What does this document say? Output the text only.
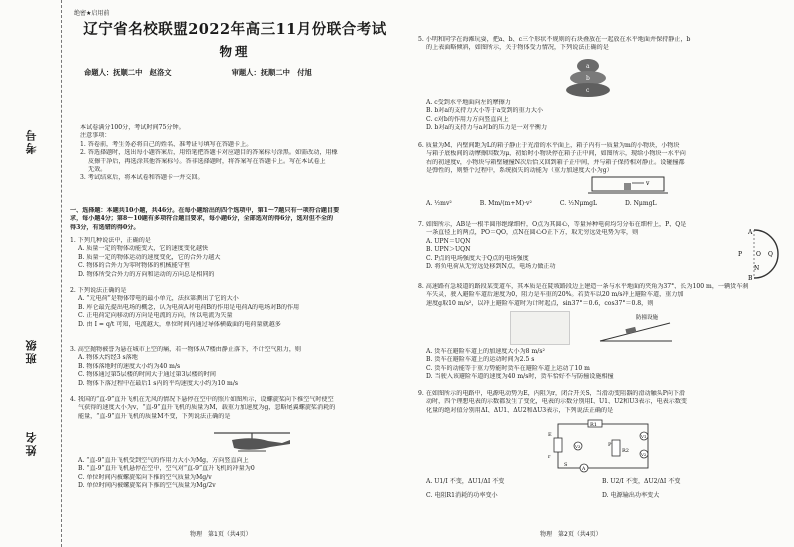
考号
班级
姓名
绝密★启用前
辽宁省名校联盟2022年高三11月份联合考试
物理
命题人：抚顺二中　赵洛文	审题人：抚顺二中　付旭
本试卷满分100分，考试时间75分钟。
注意事项：
1. 答卷前，考生务必将自己的姓名、准考证号填写在答题卡上。
2. 答选择题时，选出每小题答案后，用铅笔把答题卡对应题目的答案标号涂黑。如需改动，用橡
皮擦干净后，再选涂其他答案标号。答非选择题时，将答案写在答题卡上。写在本试卷上
无效。
3. 考试结束后，将本试卷和答题卡一并交回。
一、选择题：本题共10小题，共46分。在每小题给出的四个选项中，第1～7题只有一项符合题目要
求，每小题4分；第8～10题有多项符合题目要求，每小题6分，全部选对的得6分，选对但不全的
得3分，有选错的得0分。
1. 下列几种说法中，正确的是
A. 质量一定的物体动能变大，它的速度变化越快
B. 质量一定的物体运动的速度变化，它的合外力越大
C. 物体的合外力为零时物体的机械能守恒
D. 物体所受合外力的方向和运动的方向总是相同的
2. 下列说法正确的是
A. “元电荷”是物体带电的最小单元，法拉第测出了它的大小
B. 库仑最先提出电场的概念，认为电荷A对电荷B的作用是电荷A的电场对B的作用
C. 正电荷定向移动的方向是电流的方向，所以电流为矢量
D. 由 I = q/t 可知，电流越大，单位时间内通过导体横截面的电荷量就越多
3. 高空抛物被誉为悬在城市上空的痛，若一物体从7楼由静止落下，不计空气阻力，则
A. 物体大约经3 s落地
B. 物体落地时的速度大小约为40 m/s
C. 物体通过第5层楼的时间大于通过第3层楼的时间
D. 物体下落过程中在最后1 s内的平均速度大小约为10 m/s
4. 我国的“直-9”直升飞机在无风的情况下悬停在空中的照片如图所示，设螺旋桨向下推空气时使空
气获得的速度大小为v，“直-9”直升飞机的质量为M，载重力加速度为g，忽略尾翼螺旋桨消耗的
能量，“直-9”直升飞机的质量M不变，下列说法正确的是
A. “直-9”直升飞机受到空气的作用力大小为Mg，方向竖直向上
B. “直-9”直升飞机悬停在空中，空气对“直-9”直升飞机的冲量为0
C. 单位时间内被螺旋桨向下推的空气质量为Mg/v
D. 单位时间内被螺旋桨向下推的空气质量为Mg/2v
物理　第1页（共4页）
5. 小明和同学在海滩玩耍，把a、b、c三个形状不规则的石块叠放在一起放在水平地面并保持静止，b
的上表面略倾斜，如图所示，关于物体受力情况，下列说法正确的是
a
b
c
A. c受到水平地面向左的摩擦力
B. b对a的支持力大小等于a受到的重力大小
C. c对b的作用力方向竖直向上
D. b对a的支持力与a对b的压力是一对平衡力
6. 质量为M、内壁间距为L的箱子静止于光滑的水平面上，箱子内有一质量为m的小物块，小物块
与箱子底板间的动摩擦因数为μ，初始时小物块停在箱子正中间，如图所示，现给小物块一水平向
右的初速度v，小物块与箱壁碰撞N次后恰又回到箱子正中间，并与箱子保持相对静止。设碰撞都
是弹性的，则整个过程中，系统损失的动能为（重力加速度大小为g）
v
A. ½mv²	B. Mm/(m+M)·v²	C. ½NμmgL	D. NμmgL
7. 如图所示，AB是一根半圆形绝缘细杆，O点为其圆心，等量异种电荷均匀分布在细杆上，P、Q是
一条直径上的两点，PO＝QO，点N在圆心O正下方，取无穷远处电势为零，则
A. UPN＝UQN
B. UPN＞UQN
C. P点的电场强度大于Q点的电场强度
D. 将负电荷从无穷远处移到N点，电场力做正功
A
B
P O Q
N
8. 高速路有急坡道的路段某变道车，其本质是在陡坡路段边上建造一条与水平地面的夹角为37°、长为100 m，一辆货车刹
车失灵，驶入避险车道后速度为0，阻力是车重的20%。若货车以20 m/s冲上避险车道，重力加
速度g取10 m/s²，以冲上避险车道时为计时起点，sin37°＝0.6，cos37°＝0.8，则
防撞设施
A. 货车在避险车道上的加速度大小为8 m/s²
B. 货车在避险车道上的运动时间为2.5 s
C. 货车的动能等于重力势能时货车在避险车道上运动了10 m
D. 当驶入该避险车道的速度为40 m/s时，货车恰好不与防撞设施相撞
9. 在如图所示的电路中，电源电动势为E，内阻为r，闭合开关S，当滑动变阻器的滑动触头P向下滑
动时，四个理想电表的示数都发生了变化，电表的示数分别用I、U1、U2和U3表示，电表示数变
化量的绝对值分别用ΔI、ΔU1、ΔU2和ΔU3表示，下列说法正确的是
R1
E
r
S
R2
P
A
V1
V2
V3
A. U1/I 不变，ΔU1/ΔI 不变	B. U2/I 不变，ΔU2/ΔI 不变
C. 电阻R1消耗的功率变小	D. 电源输出功率变大
物理　第2页（共4页）
